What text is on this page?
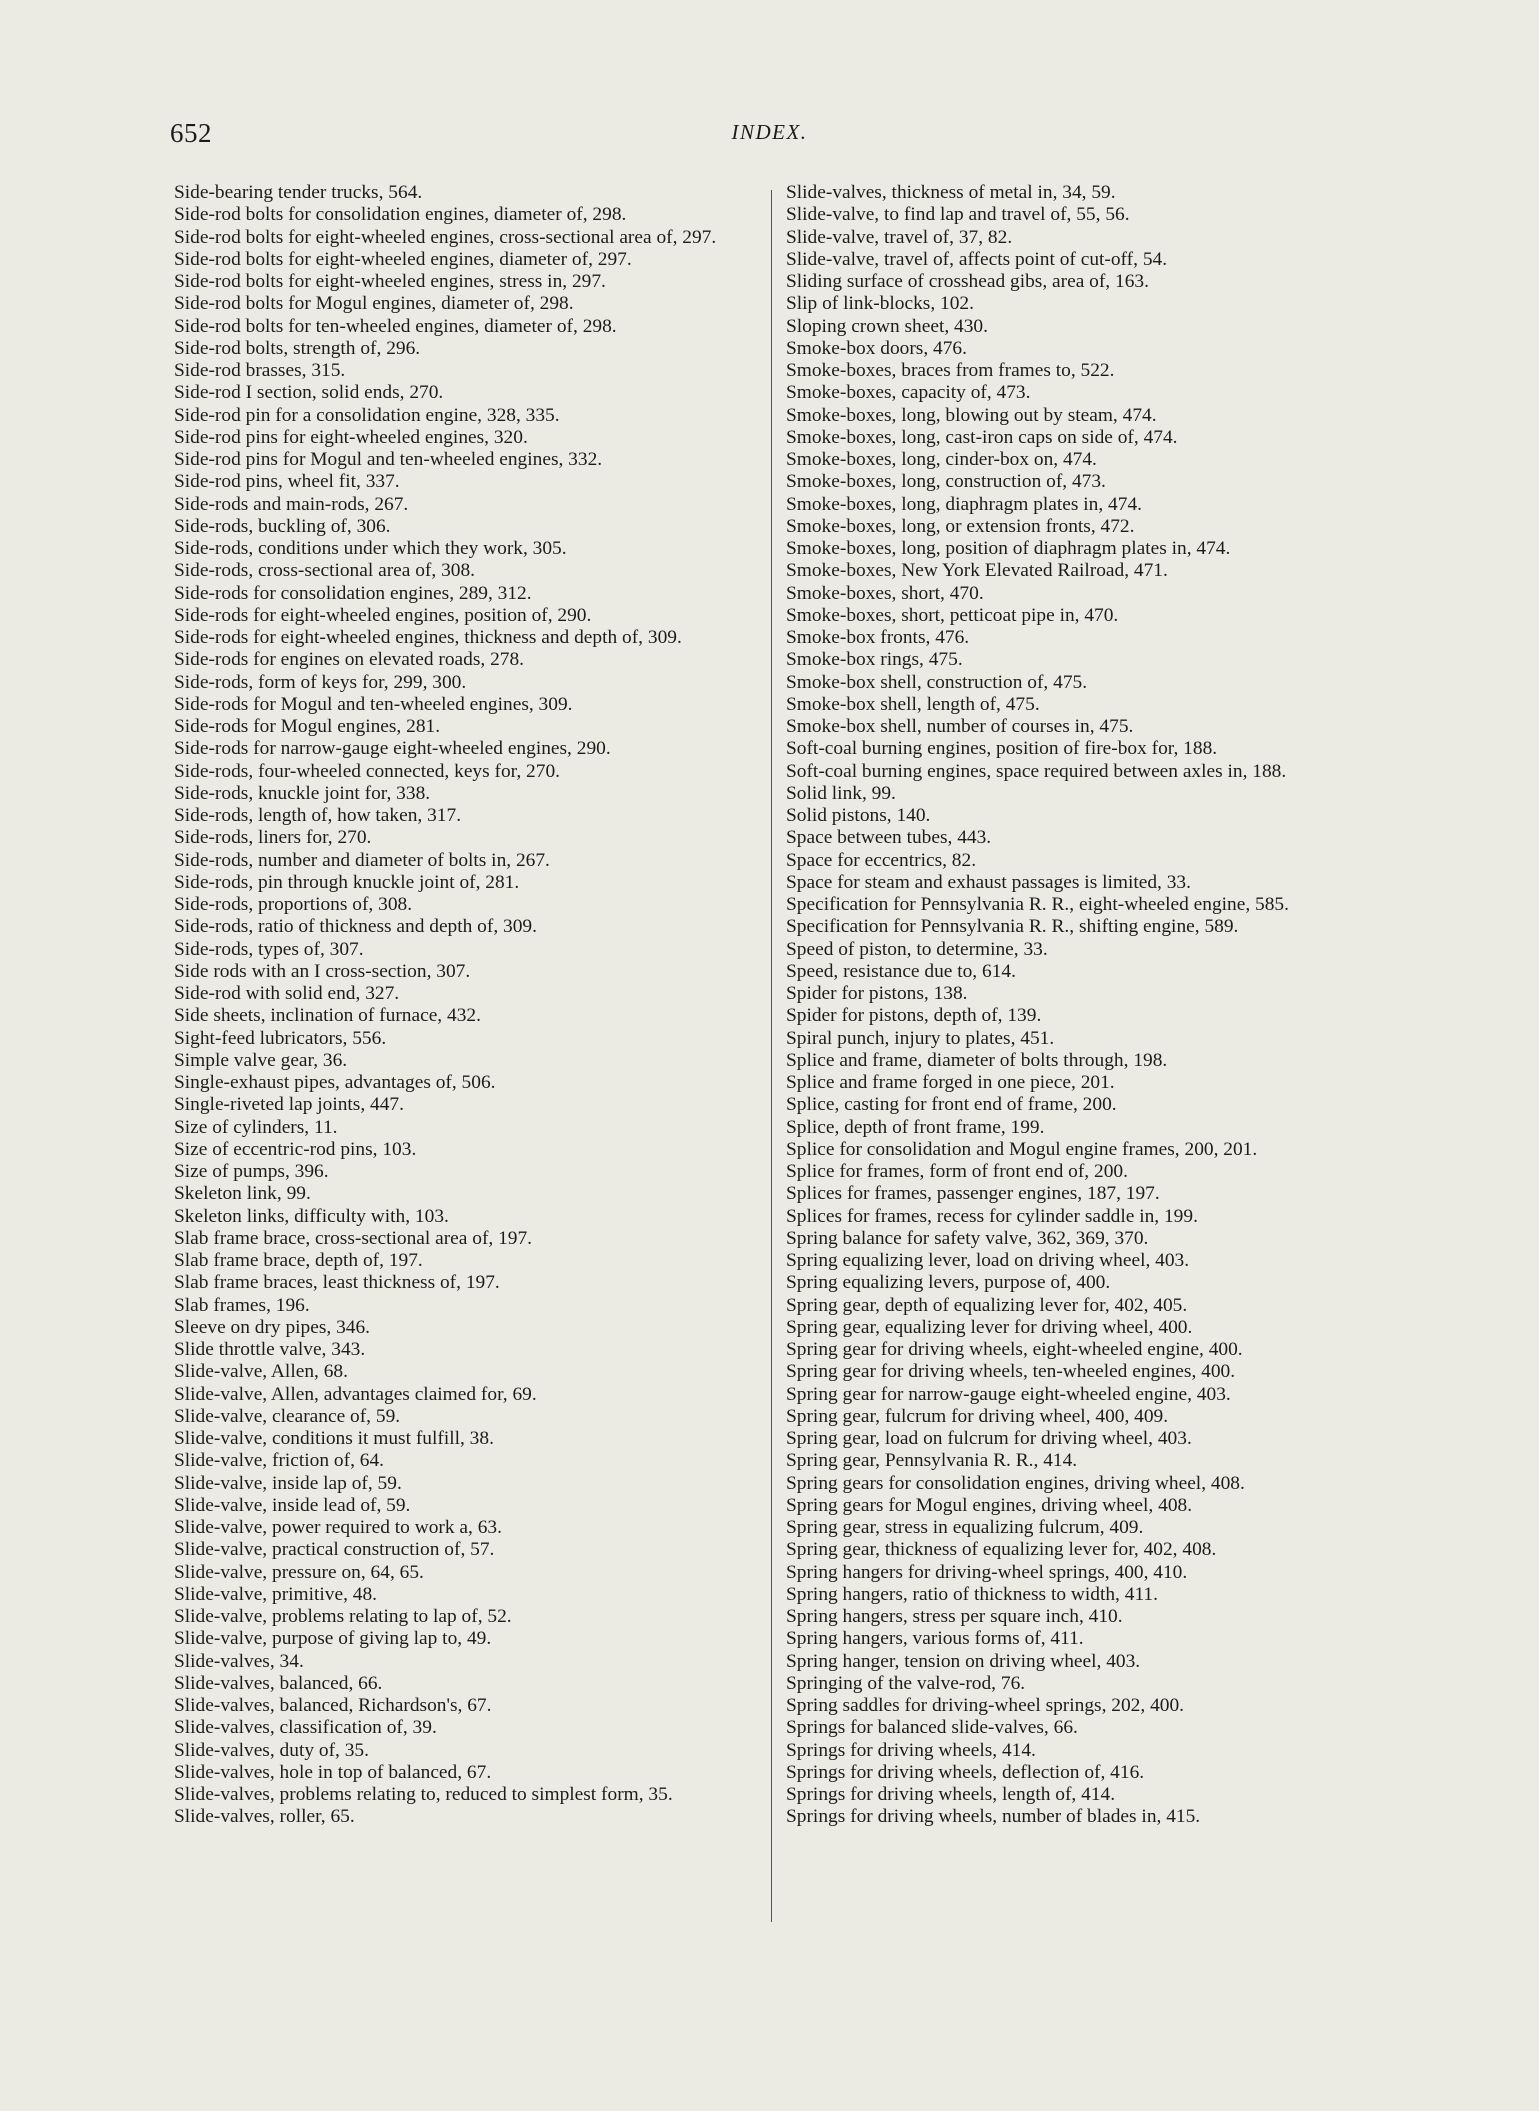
652	INDEX.
Side-bearing tender trucks, 564.
Side-rod bolts for consolidation engines, diameter of, 298.
Side-rod bolts for eight-wheeled engines, cross-sectional area of, 297.
Side-rod bolts for eight-wheeled engines, diameter of, 297.
Side-rod bolts for eight-wheeled engines, stress in, 297.
Side-rod bolts for Mogul engines, diameter of, 298.
Side-rod bolts for ten-wheeled engines, diameter of, 298.
Side-rod bolts, strength of, 296.
Side-rod brasses, 315.
Side-rod I section, solid ends, 270.
Side-rod pin for a consolidation engine, 328, 335.
Side-rod pins for eight-wheeled engines, 320.
Side-rod pins for Mogul and ten-wheeled engines, 332.
Side-rod pins, wheel fit, 337.
Side-rods and main-rods, 267.
Side-rods, buckling of, 306.
Side-rods, conditions under which they work, 305.
Side-rods, cross-sectional area of, 308.
Side-rods for consolidation engines, 289, 312.
Side-rods for eight-wheeled engines, position of, 290.
Side-rods for eight-wheeled engines, thickness and depth of, 309.
Side-rods for engines on elevated roads, 278.
Side-rods, form of keys for, 299, 300.
Side-rods for Mogul and ten-wheeled engines, 309.
Side-rods for Mogul engines, 281.
Side-rods for narrow-gauge eight-wheeled engines, 290.
Side-rods, four-wheeled connected, keys for, 270.
Side-rods, knuckle joint for, 338.
Side-rods, length of, how taken, 317.
Side-rods, liners for, 270.
Side-rods, number and diameter of bolts in, 267.
Side-rods, pin through knuckle joint of, 281.
Side-rods, proportions of, 308.
Side-rods, ratio of thickness and depth of, 309.
Side-rods, types of, 307.
Side rods with an I cross-section, 307.
Side-rod with solid end, 327.
Side sheets, inclination of furnace, 432.
Sight-feed lubricators, 556.
Simple valve gear, 36.
Single-exhaust pipes, advantages of, 506.
Single-riveted lap joints, 447.
Size of cylinders, 11.
Size of eccentric-rod pins, 103.
Size of pumps, 396.
Skeleton link, 99.
Skeleton links, difficulty with, 103.
Slab frame brace, cross-sectional area of, 197.
Slab frame brace, depth of, 197.
Slab frame braces, least thickness of, 197.
Slab frames, 196.
Sleeve on dry pipes, 346.
Slide throttle valve, 343.
Slide-valve, Allen, 68.
Slide-valve, Allen, advantages claimed for, 69.
Slide-valve, clearance of, 59.
Slide-valve, conditions it must fulfill, 38.
Slide-valve, friction of, 64.
Slide-valve, inside lap of, 59.
Slide-valve, inside lead of, 59.
Slide-valve, power required to work a, 63.
Slide-valve, practical construction of, 57.
Slide-valve, pressure on, 64, 65.
Slide-valve, primitive, 48.
Slide-valve, problems relating to lap of, 52.
Slide-valve, purpose of giving lap to, 49.
Slide-valves, 34.
Slide-valves, balanced, 66.
Slide-valves, balanced, Richardson's, 67.
Slide-valves, classification of, 39.
Slide-valves, duty of, 35.
Slide-valves, hole in top of balanced, 67.
Slide-valves, problems relating to, reduced to simplest form, 35.
Slide-valves, roller, 65.
Slide-valves, thickness of metal in, 34, 59.
Slide-valve, to find lap and travel of, 55, 56.
Slide-valve, travel of, 37, 82.
Slide-valve, travel of, affects point of cut-off, 54.
Sliding surface of crosshead gibs, area of, 163.
Slip of link-blocks, 102.
Sloping crown sheet, 430.
Smoke-box doors, 476.
Smoke-boxes, braces from frames to, 522.
Smoke-boxes, capacity of, 473.
Smoke-boxes, long, blowing out by steam, 474.
Smoke-boxes, long, cast-iron caps on side of, 474.
Smoke-boxes, long, cinder-box on, 474.
Smoke-boxes, long, construction of, 473.
Smoke-boxes, long, diaphragm plates in, 474.
Smoke-boxes, long, or extension fronts, 472.
Smoke-boxes, long, position of diaphragm plates in, 474.
Smoke-boxes, New York Elevated Railroad, 471.
Smoke-boxes, short, 470.
Smoke-boxes, short, petticoat pipe in, 470.
Smoke-box fronts, 476.
Smoke-box rings, 475.
Smoke-box shell, construction of, 475.
Smoke-box shell, length of, 475.
Smoke-box shell, number of courses in, 475.
Soft-coal burning engines, position of fire-box for, 188.
Soft-coal burning engines, space required between axles in, 188.
Solid link, 99.
Solid pistons, 140.
Space between tubes, 443.
Space for eccentrics, 82.
Space for steam and exhaust passages is limited, 33.
Specification for Pennsylvania R. R., eight-wheeled engine, 585.
Specification for Pennsylvania R. R., shifting engine, 589.
Speed of piston, to determine, 33.
Speed, resistance due to, 614.
Spider for pistons, 138.
Spider for pistons, depth of, 139.
Spiral punch, injury to plates, 451.
Splice and frame, diameter of bolts through, 198.
Splice and frame forged in one piece, 201.
Splice, casting for front end of frame, 200.
Splice, depth of front frame, 199.
Splice for consolidation and Mogul engine frames, 200, 201.
Splice for frames, form of front end of, 200.
Splices for frames, passenger engines, 187, 197.
Splices for frames, recess for cylinder saddle in, 199.
Spring balance for safety valve, 362, 369, 370.
Spring equalizing lever, load on driving wheel, 403.
Spring equalizing levers, purpose of, 400.
Spring gear, depth of equalizing lever for, 402, 405.
Spring gear, equalizing lever for driving wheel, 400.
Spring gear for driving wheels, eight-wheeled engine, 400.
Spring gear for driving wheels, ten-wheeled engines, 400.
Spring gear for narrow-gauge eight-wheeled engine, 403.
Spring gear, fulcrum for driving wheel, 400, 409.
Spring gear, load on fulcrum for driving wheel, 403.
Spring gear, Pennsylvania R. R., 414.
Spring gears for consolidation engines, driving wheel, 408.
Spring gears for Mogul engines, driving wheel, 408.
Spring gear, stress in equalizing fulcrum, 409.
Spring gear, thickness of equalizing lever for, 402, 408.
Spring hangers for driving-wheel springs, 400, 410.
Spring hangers, ratio of thickness to width, 411.
Spring hangers, stress per square inch, 410.
Spring hangers, various forms of, 411.
Spring hanger, tension on driving wheel, 403.
Springing of the valve-rod, 76.
Spring saddles for driving-wheel springs, 202, 400.
Springs for balanced slide-valves, 66.
Springs for driving wheels, 414.
Springs for driving wheels, deflection of, 416.
Springs for driving wheels, length of, 414.
Springs for driving wheels, number of blades in, 415.
